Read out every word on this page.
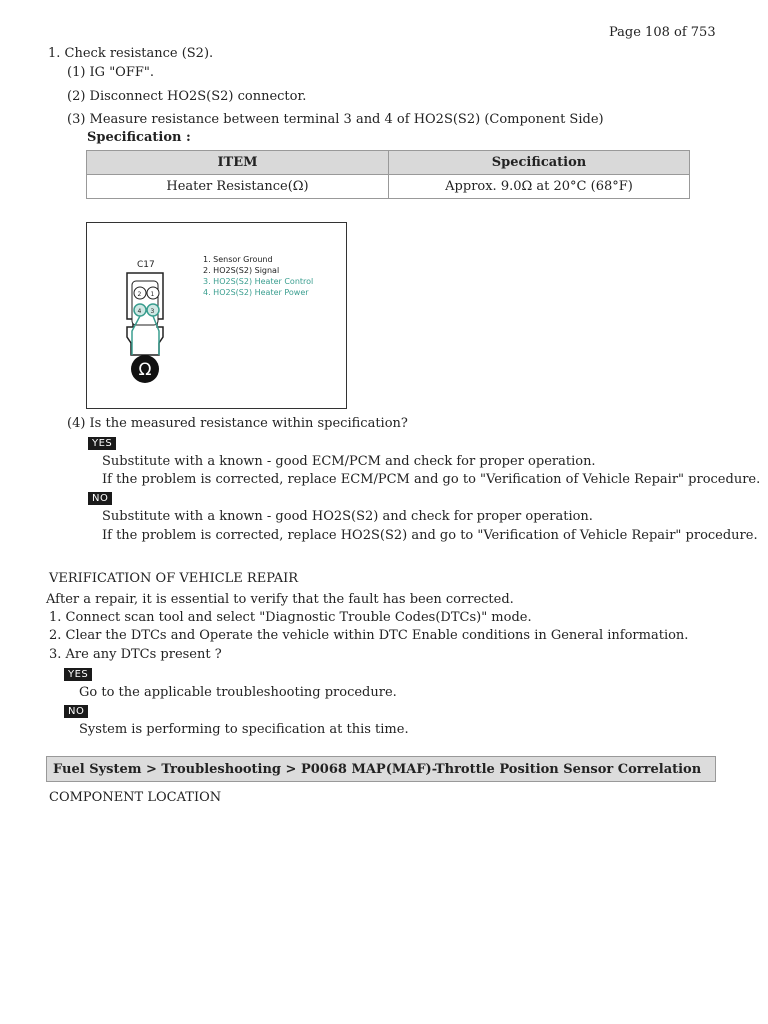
Page 108 of 753
1. Check resistance (S2).
(1) IG "OFF".
(2) Disconnect HO2S(S2) connector.
(3) Measure resistance between terminal 3 and 4 of HO2S(S2) (Component Side)
Specification :
ITEM	Specification
Heater Resistance(Ω)	Approx. 9.0Ω at 20°C (68°F)
C17
2 1
4 3
Ω
1. Sensor Ground
2. HO2S(S2) Signal
3. HO2S(S2) Heater Control
4. HO2S(S2) Heater Power
(4) Is the measured resistance within specification?
YES
Substitute with a known - good ECM/PCM and check for proper operation.
If the problem is corrected, replace ECM/PCM and go to "Verification of Vehicle Repair" procedure.
NO
Substitute with a known - good HO2S(S2) and check for proper operation.
If the problem is corrected, replace HO2S(S2) and go to "Verification of Vehicle Repair" procedure.
VERIFICATION OF VEHICLE REPAIR
After a repair, it is essential to verify that the fault has been corrected.
1. Connect scan tool and select "Diagnostic Trouble Codes(DTCs)" mode.
2. Clear the DTCs and Operate the vehicle within DTC Enable conditions in General information.
3. Are any DTCs present ?
YES
Go to the applicable troubleshooting procedure.
NO
System is performing to specification at this time.
Fuel System > Troubleshooting > P0068 MAP(MAF)-Throttle Position Sensor Correlation
COMPONENT LOCATION
